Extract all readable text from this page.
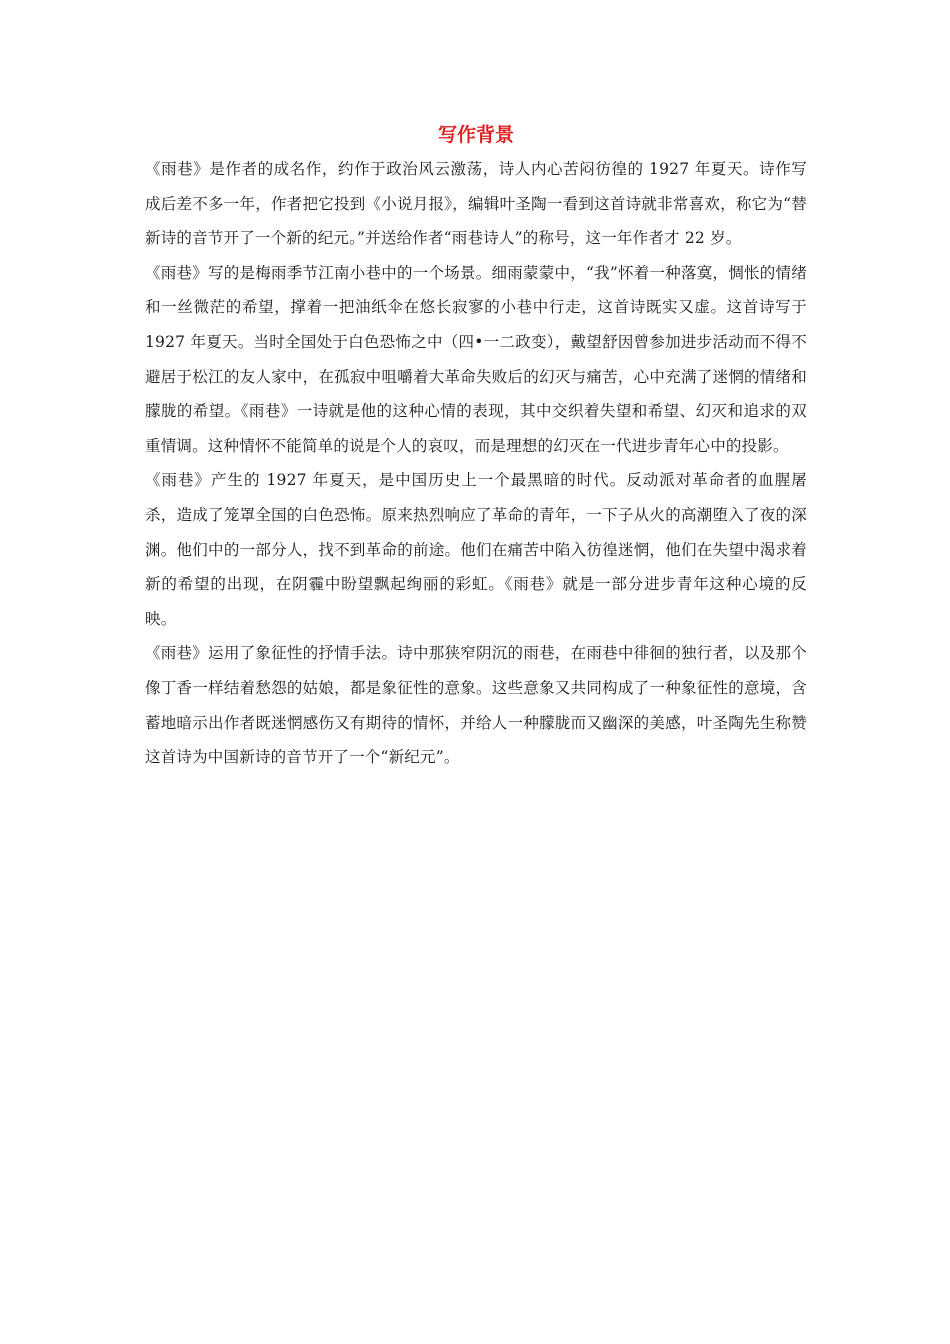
写作背景

《雨巷》是作者的成名作，约作于政治风云激荡，诗人内心苦闷彷徨的 1927 年夏天。诗作写成后差不多一年，作者把它投到《小说月报》，编辑叶圣陶一看到这首诗就非常喜欢，称它为“替新诗的音节开了一个新的纪元。”并送给作者“雨巷诗人”的称号，这一年作者才 22 岁。

《雨巷》写的是梅雨季节江南小巷中的一个场景。细雨蒙蒙中，“我”怀着一种落寞，惆怅的情绪和一丝微茫的希望，撑着一把油纸伞在悠长寂寥的小巷中行走，这首诗既实又虚。这首诗写于 1927 年夏天。当时全国处于白色恐怖之中（四•一二政变），戴望舒因曾参加进步活动而不得不避居于松江的友人家中，在孤寂中咀嚼着大革命失败后的幻灭与痛苦，心中充满了迷惘的情绪和朦胧的希望。《雨巷》一诗就是他的这种心情的表现，其中交织着失望和希望、幻灭和追求的双重情调。这种情怀不能简单的说是个人的哀叹，而是理想的幻灭在一代进步青年心中的投影。

《雨巷》产生的 1927 年夏天，是中国历史上一个最黑暗的时代。反动派对革命者的血腥屠杀，造成了笼罩全国的白色恐怖。原来热烈响应了革命的青年，一下子从火的高潮堕入了夜的深渊。他们中的一部分人，找不到革命的前途。他们在痛苦中陷入彷徨迷惘，他们在失望中渴求着新的希望的出现，在阴霾中盼望飘起绚丽的彩虹。《雨巷》就是一部分进步青年这种心境的反映。

《雨巷》运用了象征性的抒情手法。诗中那狭窄阴沉的雨巷，在雨巷中徘徊的独行者，以及那个像丁香一样结着愁怨的姑娘，都是象征性的意象。这些意象又共同构成了一种象征性的意境，含蓄地暗示出作者既迷惘感伤又有期待的情怀，并给人一种朦胧而又幽深的美感，叶圣陶先生称赞这首诗为中国新诗的音节开了一个“新纪元”。
